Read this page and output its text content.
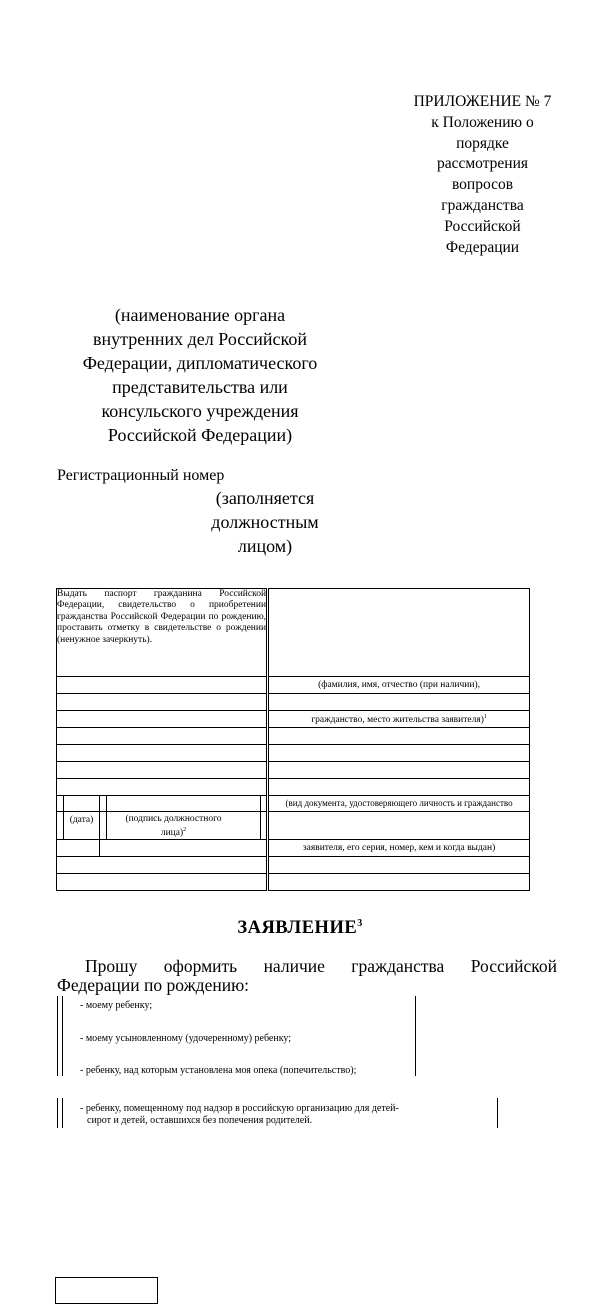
ПРИЛОЖЕНИЕ № 7
к Положению о
порядке
рассмотрения
вопросов
гражданства
Российской
Федерации
(наименование органа
внутренних дел Российской
Федерации, дипломатического
представительства или
консульского учреждения
Российской Федерации)
Регистрационный номер
(заполняется
должностным
лицом)
Выдать паспорт гражданина Российской Федерации, свидетельство о приобретении гражданства Российской Федерации по рождению, проставить отметку в свидетельстве о рождении (ненужное зачеркнуть).					
					(фамилия, имя, отчество (при наличии),

					гражданство, место жительства заявителя)$^1$

					(вид документа, удостоверяющего личность и гражданство
	(дата)		(подпись должностного лица)$^2$		
					заявителя, его серия, номер, кем и когда выдан)

ЗАЯВЛЕНИЕ$^3$
Прошу оформить наличие гражданства Российской
Федерации по рождению:
- моему ребенку;
- моему усыновленному (удочеренному) ребенку;
- ребенку, над которым установлена моя опека (попечительство);
- ребенку, помещенному под надзор в российскую организацию для детей-
сирот и детей, оставшихся без попечения родителей.
